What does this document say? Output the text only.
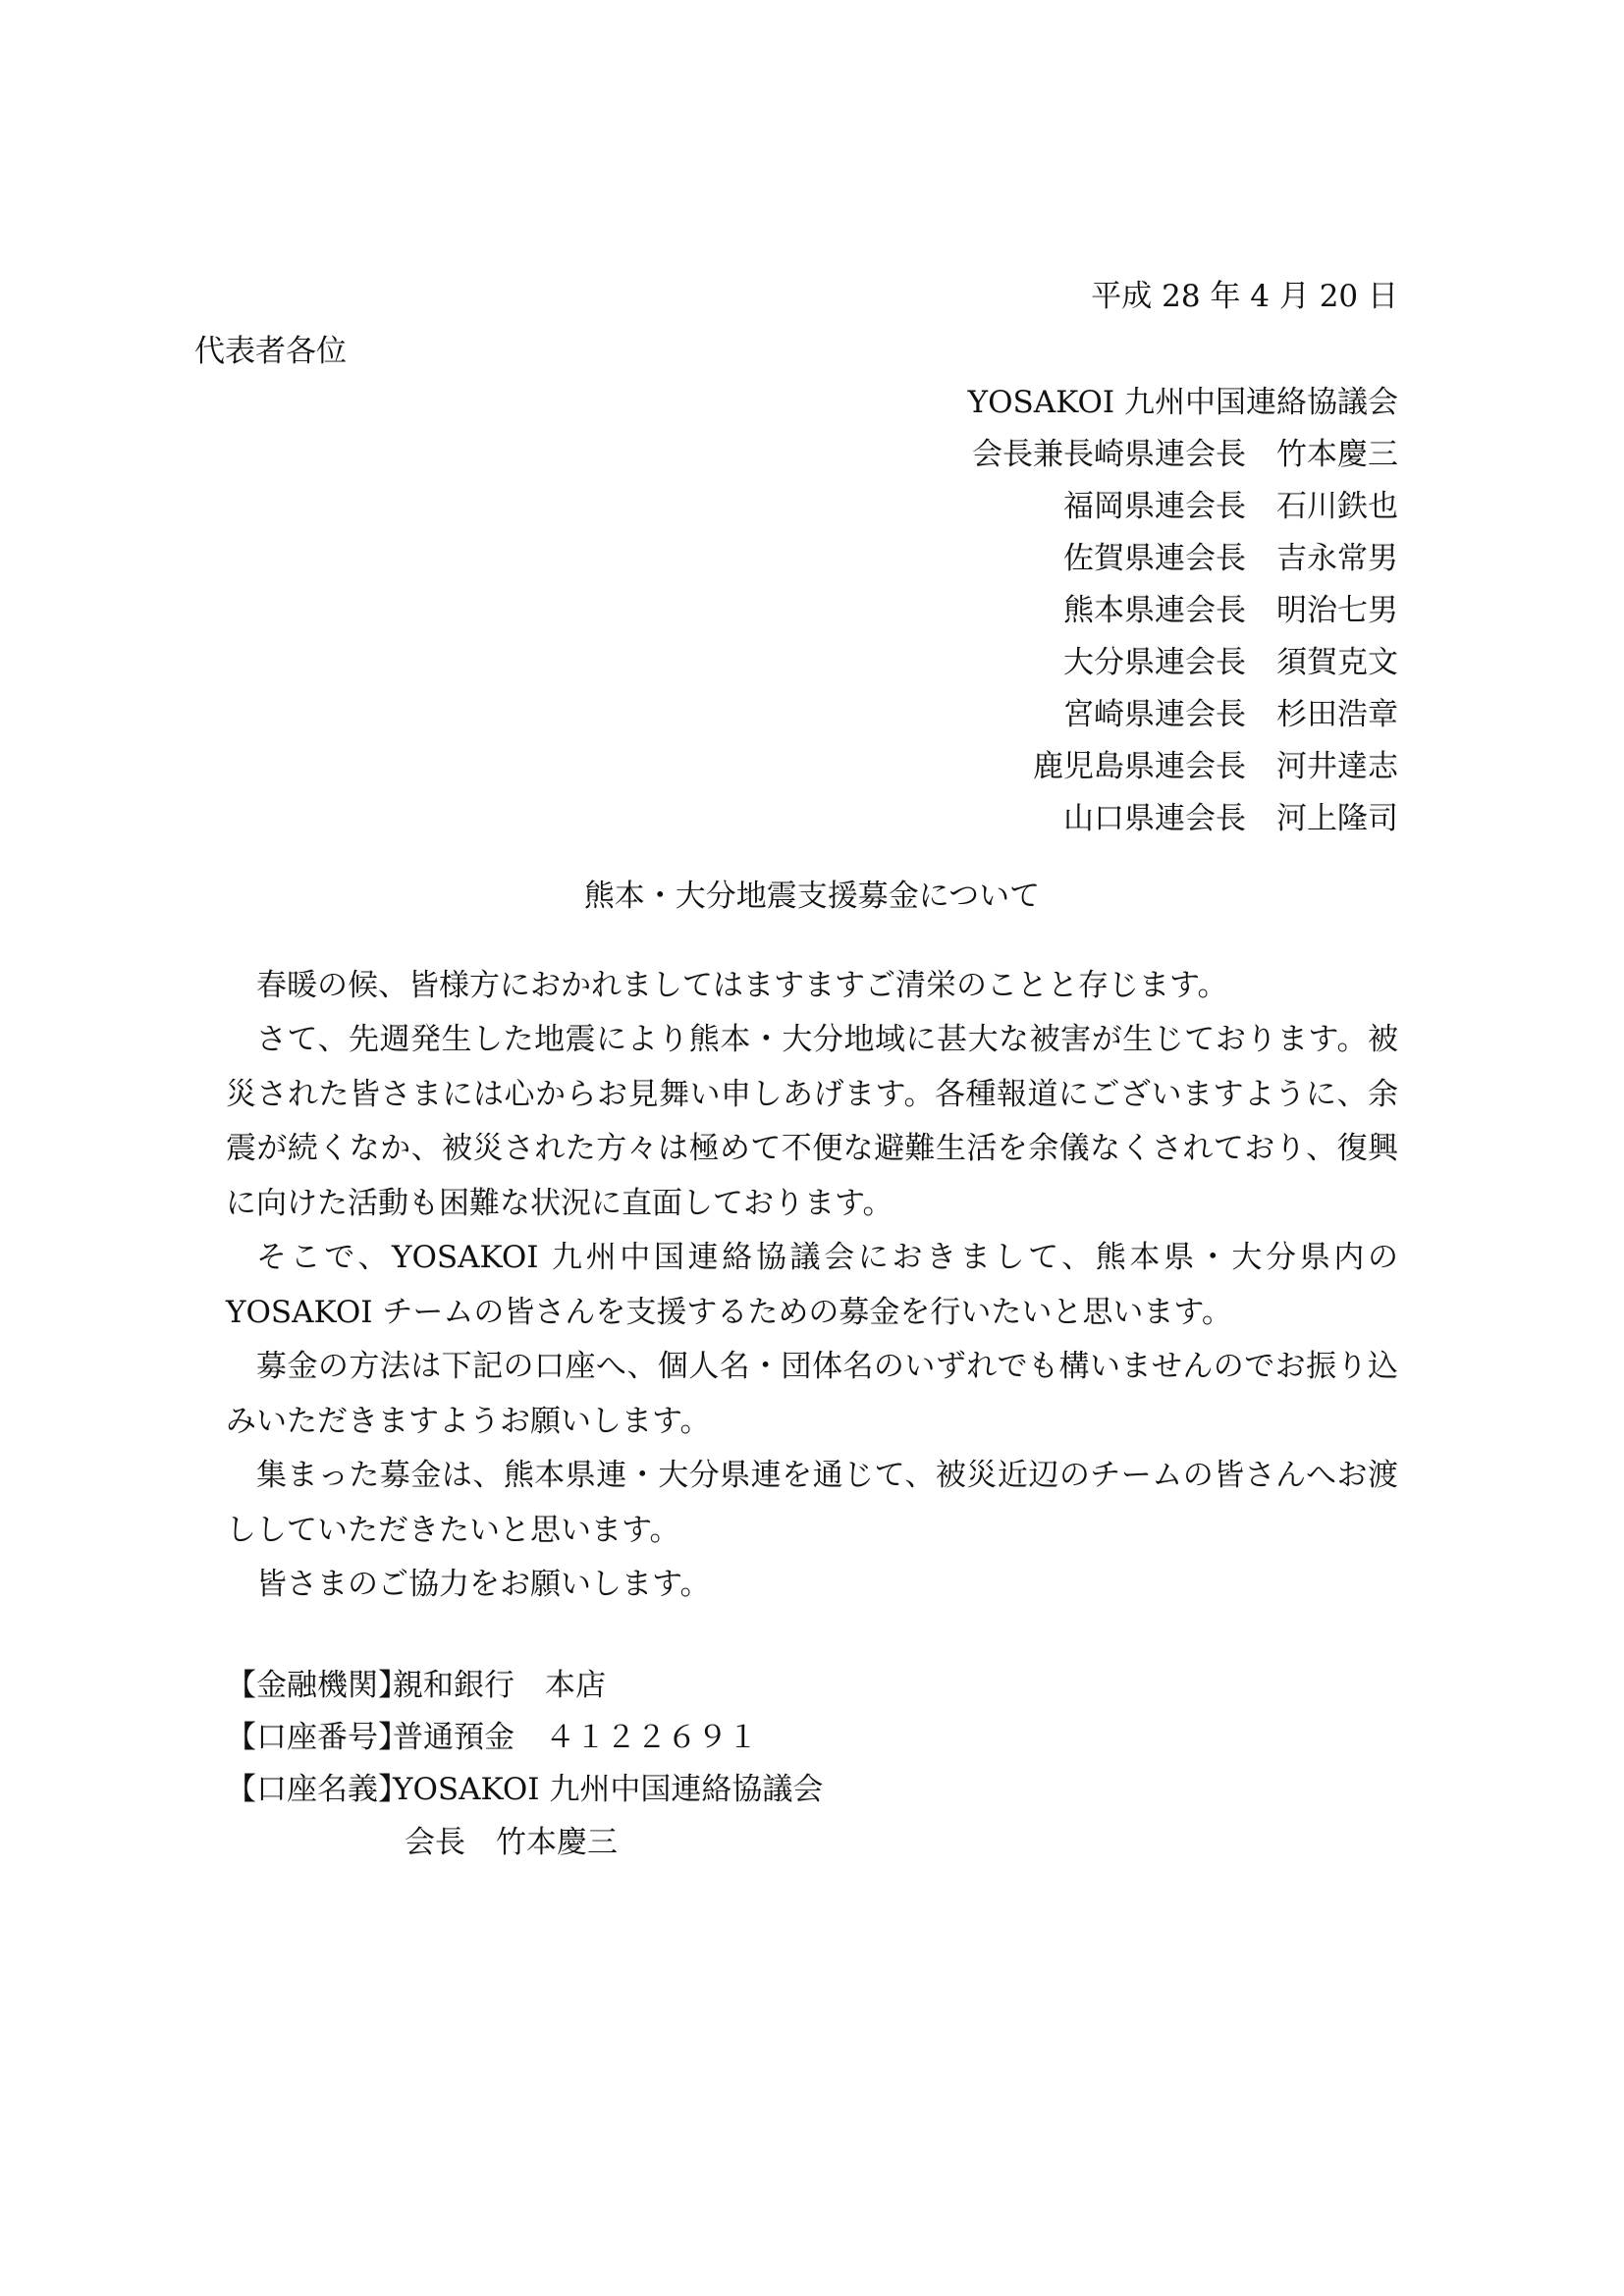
平成 28 年 4 月 20 日
代表者各位
YOSAKOI 九州中国連絡協議会
会長兼長崎県連会長 竹本慶三
福岡県連会長 石川鉄也
佐賀県連会長 吉永常男
熊本県連会長 明治七男
大分県連会長 須賀克文
宮崎県連会長 杉田浩章
鹿児島県連会長 河井達志
山口県連会長 河上隆司
熊本・大分地震支援募金について
春暖の候、皆様方におかれましてはますますご清栄のことと存じます。
さて、先週発生した地震により熊本・大分地域に甚大な被害が生じております。被災された皆さまには心からお見舞い申しあげます。各種報道にございますように、余震が続くなか、被災された方々は極めて不便な避難生活を余儀なくされており、復興に向けた活動も困難な状況に直面しております。
そこで、YOSAKOI 九州中国連絡協議会におきまして、熊本県・大分県内の YOSAKOI チームの皆さんを支援するための募金を行いたいと思います。
募金の方法は下記の口座へ、個人名・団体名のいずれでも構いませんのでお振り込みいただきますようお願いします。
集まった募金は、熊本県連・大分県連を通じて、被災近辺のチームの皆さんへお渡ししていただきたいと思います。
皆さまのご協力をお願いします。
【金融機関】親和銀行　本店
【口座番号】普通預金　４１２２６９１
【口座名義】YOSAKOI 九州中国連絡協議会
会長　竹本慶三
